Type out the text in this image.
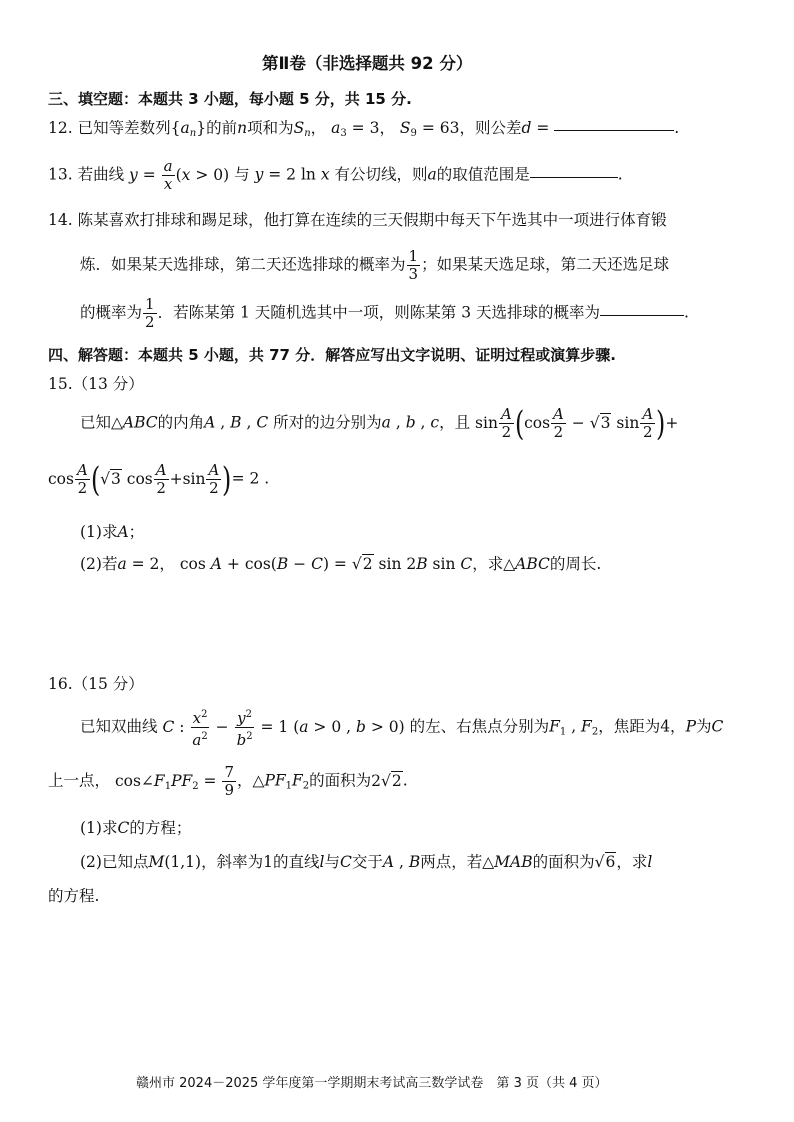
第Ⅱ卷（非选择题共 92 分）
三、填空题：本题共 3 小题，每小题 5 分，共 15 分.
12. 已知等差数列$\{a_n\}$的前n项和为$S_n$， $a_3 = 3$， $S_9 = 63$，则公差d =	.
13. 若曲线 $y = \frac{a}{x} (x > 0)$ 与 y = 2 ln x 有公切线，则a的取值范围是	.
14. 陈某喜欢打排球和踢足球，他打算在连续的三天假期中每天下午选其中一项进行体育锻
炼．如果某天选排球，第二天还选排球的概率为 $\frac{1}{3}$ ；如果某天选足球，第二天还选足球
的概率为 $\frac{1}{2}$ ．若陈某第 1 天随机选其中一项，则陈某第 3 天选排球的概率为	.
四、解答题：本题共 5 小题，共 77 分．解答应写出文字说明、证明过程或演算步骤.
15.（13 分）
已知△ABC的内角A , B , C 所对的边分别为a , b , c，且 $\sin \frac{A}{2} (\cos \frac{A}{2} - √3$ $\sin \frac{A}{2}$ )+
$\cos \frac{A}{2} (√3$ $\cos \frac{A}{2} +\sin \frac{A}{2}$ )= 2 .
(1)求A；
(2)若a = 2， cos A + cos(B − C) = √2 sin 2B sin C，求△ABC的周长.
16.（15 分）
已知双曲线 C : $\frac{x^2}{a^2} - \frac{y^2}{b^2} = 1$ (a > 0 , b > 0) 的左、右焦点分别为$F_1$ , $F_2$，焦距为4，P为C
上一点， $\cos\angle F_1PF_2 = \frac{7}{9}$ ，$\triangle PF_1F_2$的面积为2√2.
(1)求C的方程；
(2)已知点M(1,1)，斜率为1的直线l与C交于A , B两点，若△MAB的面积为√6，求l
的方程.
赣州市 2024－2025 学年度第一学期期末考试高三数学试卷　第 3 页（共 4 页）
